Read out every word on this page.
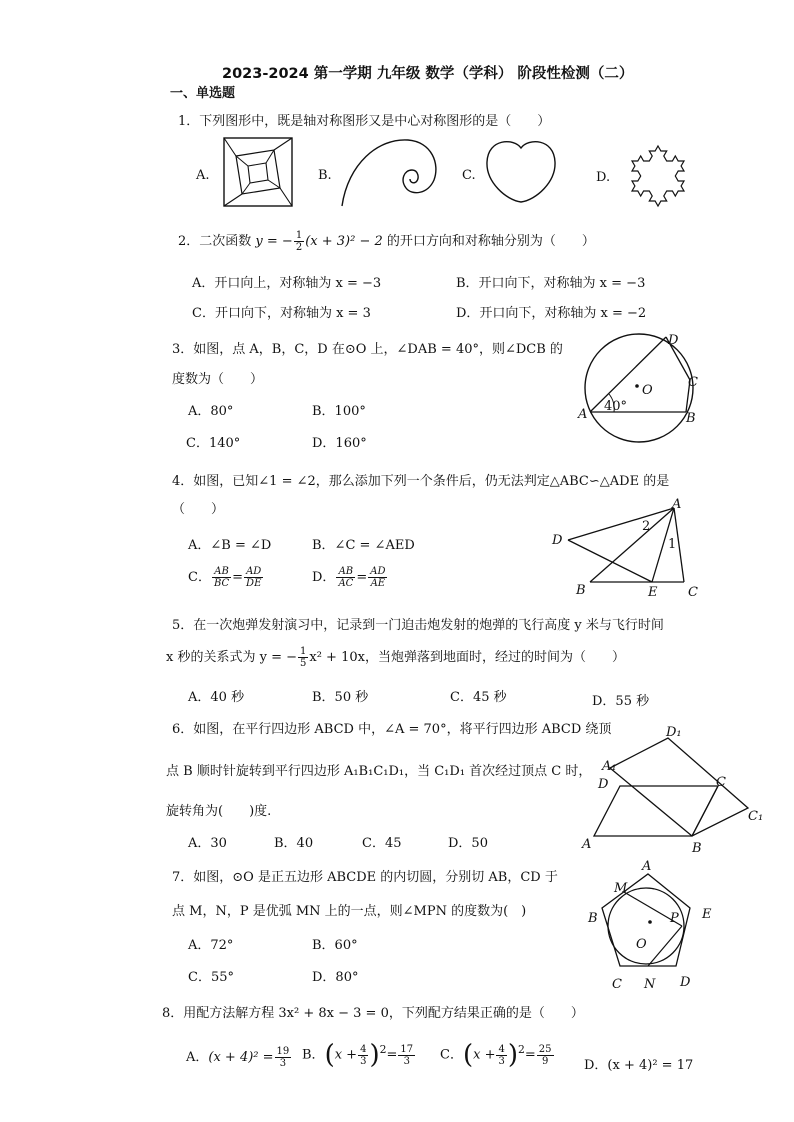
2023-2024 第一学期 九年级 数学（学科） 阶段性检测（二）
一、单选题
1．下列图形中，既是轴对称图形又是中心对称图形的是（　　）
A.	B.	C.	D.
2．二次函数 y = − $\frac{1}{2} (x + 3)^2 - 2$ 的开口方向和对称轴分别为（　　）
A．开口向上，对称轴为 x = −3	B．开口向下，对称轴为 x = −3
C．开口向下，对称轴为 x = 3	D．开口向下，对称轴为 x = −2
3．如图，点 A，B，C，D 在⊙O 上，∠DAB = 40°，则∠DCB 的
度数为（　　）
A．80°	B．100°
C．140°	D．160°
O
D
C
B
A
40°
4．如图，已知∠1 = ∠2，那么添加下列一个条件后，仍无法判定△ABC∽△ADE 的是
（　　）
A．∠B = ∠D	B．∠C = ∠AED
C． $\frac{AB}{BC} = \frac{AD}{DE}$	D． $\frac{AB}{AC} = \frac{AD}{AE}$
A
D
B	E C
2
1
5．在一次炮弹发射演习中，记录到一门迫击炮发射的炮弹的飞行高度 y 米与飞行时间
x 秒的关系式为 y = − $\frac{1}{5} x^2 + 10x$，当炮弹落到地面时，经过的时间为（　　）
A．40 秒	B．50 秒	C．45 秒	D．55 秒
6．如图，在平行四边形 ABCD 中，∠A = 70°，将平行四边形 ABCD 绕顶
点 B 顺时针旋转到平行四边形 A₁B₁C₁D₁，当 C₁D₁ 首次经过顶点 C 时，
旋转角为(　　)度.
A．30	B．40	C．45	D．50	A	B
C
D
A₁
D₁
C₁
7．如图，⊙O 是正五边形 ABCDE 的内切圆，分别切 AB，CD 于
点 M，N，P 是优弧 MN 上的一点，则∠MPN 的度数为(　)
A．72°	B．60°
C．55°	D．80°
A
M
B	E
P
O
C N D
8．用配方法解方程 3x² + 8x − 3 = 0，下列配方结果正确的是（　　）
A．$(x + 4)^2 = \frac{19}{3}$ B．$(x + \frac{4}{3} )^2= \frac{17}{3}$ C．$(x + \frac{4}{3} )^2= \frac{25}{9}$ D．(x + 4)² = 17
